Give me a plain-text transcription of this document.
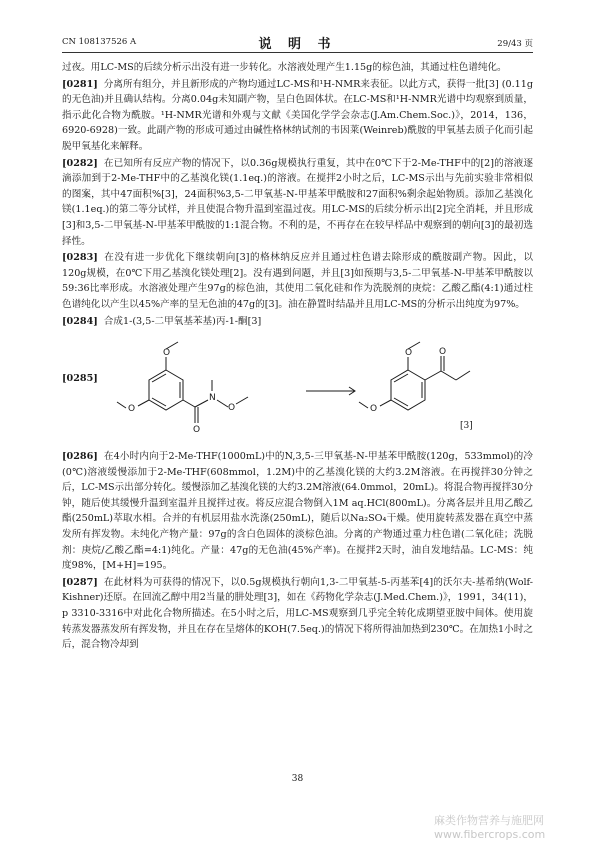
CN 108137526 A	说 明 书	29/43 页

过夜。用LC-MS的后续分析示出没有进一步转化。水溶液处理产生1.15g的棕色油，其通过柱色谱纯化。

[0281] 分离所有组分，并且新形成的产物均通过LC-MS和¹H-NMR来表征。以此方式，获得一批[3] (0.11g的无色油)并且确认结构。分离0.04g未知副产物，呈白色固体状。在LC-MS和¹H-NMR光谱中均观察到质量，指示此化合物为酰胺。¹H-NMR光谱和外观与文献《美国化学学会杂志(J.Am.Chem.Soc.)》，2014，136，6920-6928)一致。此副产物的形成可通过由碱性格林纳试剂的韦因莱(Weinreb)酰胺的甲氧基去质子化而引起脱甲氧基化来解释。

[0282] 在已知所有反应产物的情况下，以0.36g规模执行重复，其中在0℃下于2-Me-THF中的[2]的溶液逐滴添加到于2-Me-THF中的乙基溴化镁(1.1eq.)的溶液。在搅拌2小时之后，LC-MS示出与先前实验非常相似的图案，其中47面积%[3]，24面积%3,5-二甲氧基-N-甲基苯甲酰胺和27面积%剩余起始物质。添加乙基溴化镁(1.1eq.)的第二等分试样，并且使混合物升温到室温过夜。用LC-MS的后续分析示出[2]完全消耗，并且形成[3]和3,5-二甲氧基-N-甲基苯甲酰胺的1:1混合物。不利的是，不再存在在较早样品中观察到的朝向[3]的最初选择性。

[0283] 在没有进一步优化下继续朝向[3]的格林纳反应并且通过柱色谱去除形成的酰胺副产物。因此，以120g规模，在0℃下用乙基溴化镁处理[2]。没有遇到问题，并且[3]如预期与3,5-二甲氧基-N-甲基苯甲酰胺以59:36比率形成。水溶液处理产生97g的棕色油，其使用二氧化硅和作为洗脱剂的庚烷：乙酸乙酯(4:1)通过柱色谱纯化以产生以45%产率的呈无色油的47g的[3]。油在静置时结晶并且用LC-MS的分析示出纯度为97%。

[0284] 合成1-(3,5-二甲氧基苯基)丙-1-酮[3]

[0285]
O
O
O
N
O
O
O
O
[3]

[0286] 在4小时内向于2-Me-THF(1000mL)中的N,3,5-三甲氧基-N-甲基苯甲酰胺(120g，533mmol)的冷(0℃)溶液缓慢添加于2-Me-THF(608mmol，1.2M)中的乙基溴化镁的大约3.2M溶液。在再搅拌30分钟之后，LC-MS示出部分转化。缓慢添加乙基溴化镁的大约3.2M溶液(64.0mmol，20mL)。将混合物再搅拌30分钟，随后使其缓慢升温到室温并且搅拌过夜。将反应混合物倒入1M aq.HCl(800mL)。分离各层并且用乙酸乙酯(250mL)萃取水相。合并的有机层用盐水洗涤(250mL)，随后以Na₂SO₄干燥。使用旋转蒸发器在真空中蒸发所有挥发物。未纯化产物产量：97g的含白色固体的淡棕色油。分离的产物通过重力柱色谱(二氧化硅；洗脱剂：庚烷/乙酸乙酯=4:1)纯化。产量：47g的无色油(45%产率)。在搅拌2天时，油自发地结晶。LC-MS：纯度98%，[M+H]=195。

[0287] 在此材料为可获得的情况下，以0.5g规模执行朝向1,3-二甲氧基-5-丙基苯[4]的沃尔夫-基希纳(Wolf-Kishner)还原。在回流乙醇中用2当量的肼处理[3]，如在《药物化学杂志(J.Med.Chem.)》，1991，34(11)，p 3310-3316中对此化合物所描述。在5小时之后，用LC-MS观察到几乎完全转化成期望亚胺中间体。使用旋转蒸发器蒸发所有挥发物，并且在存在呈熔体的KOH(7.5eq.)的情况下将所得油加热到230℃。在加热1小时之后，混合物冷却到

38
麻类作物营养与施肥网 www.fibercrops.com
